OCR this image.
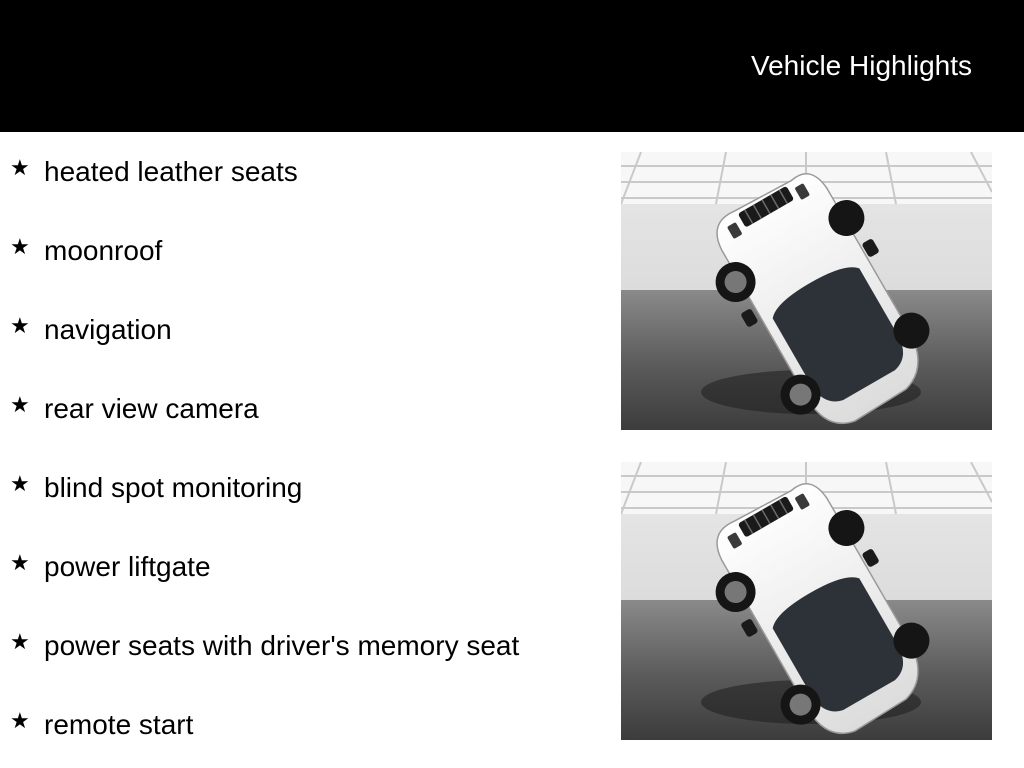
Vehicle Highlights
★ heated leather seats
★ moonroof
★ navigation
★ rear view camera
★ blind spot monitoring
★ power liftgate
★ power seats with driver's memory seat
★ remote start
